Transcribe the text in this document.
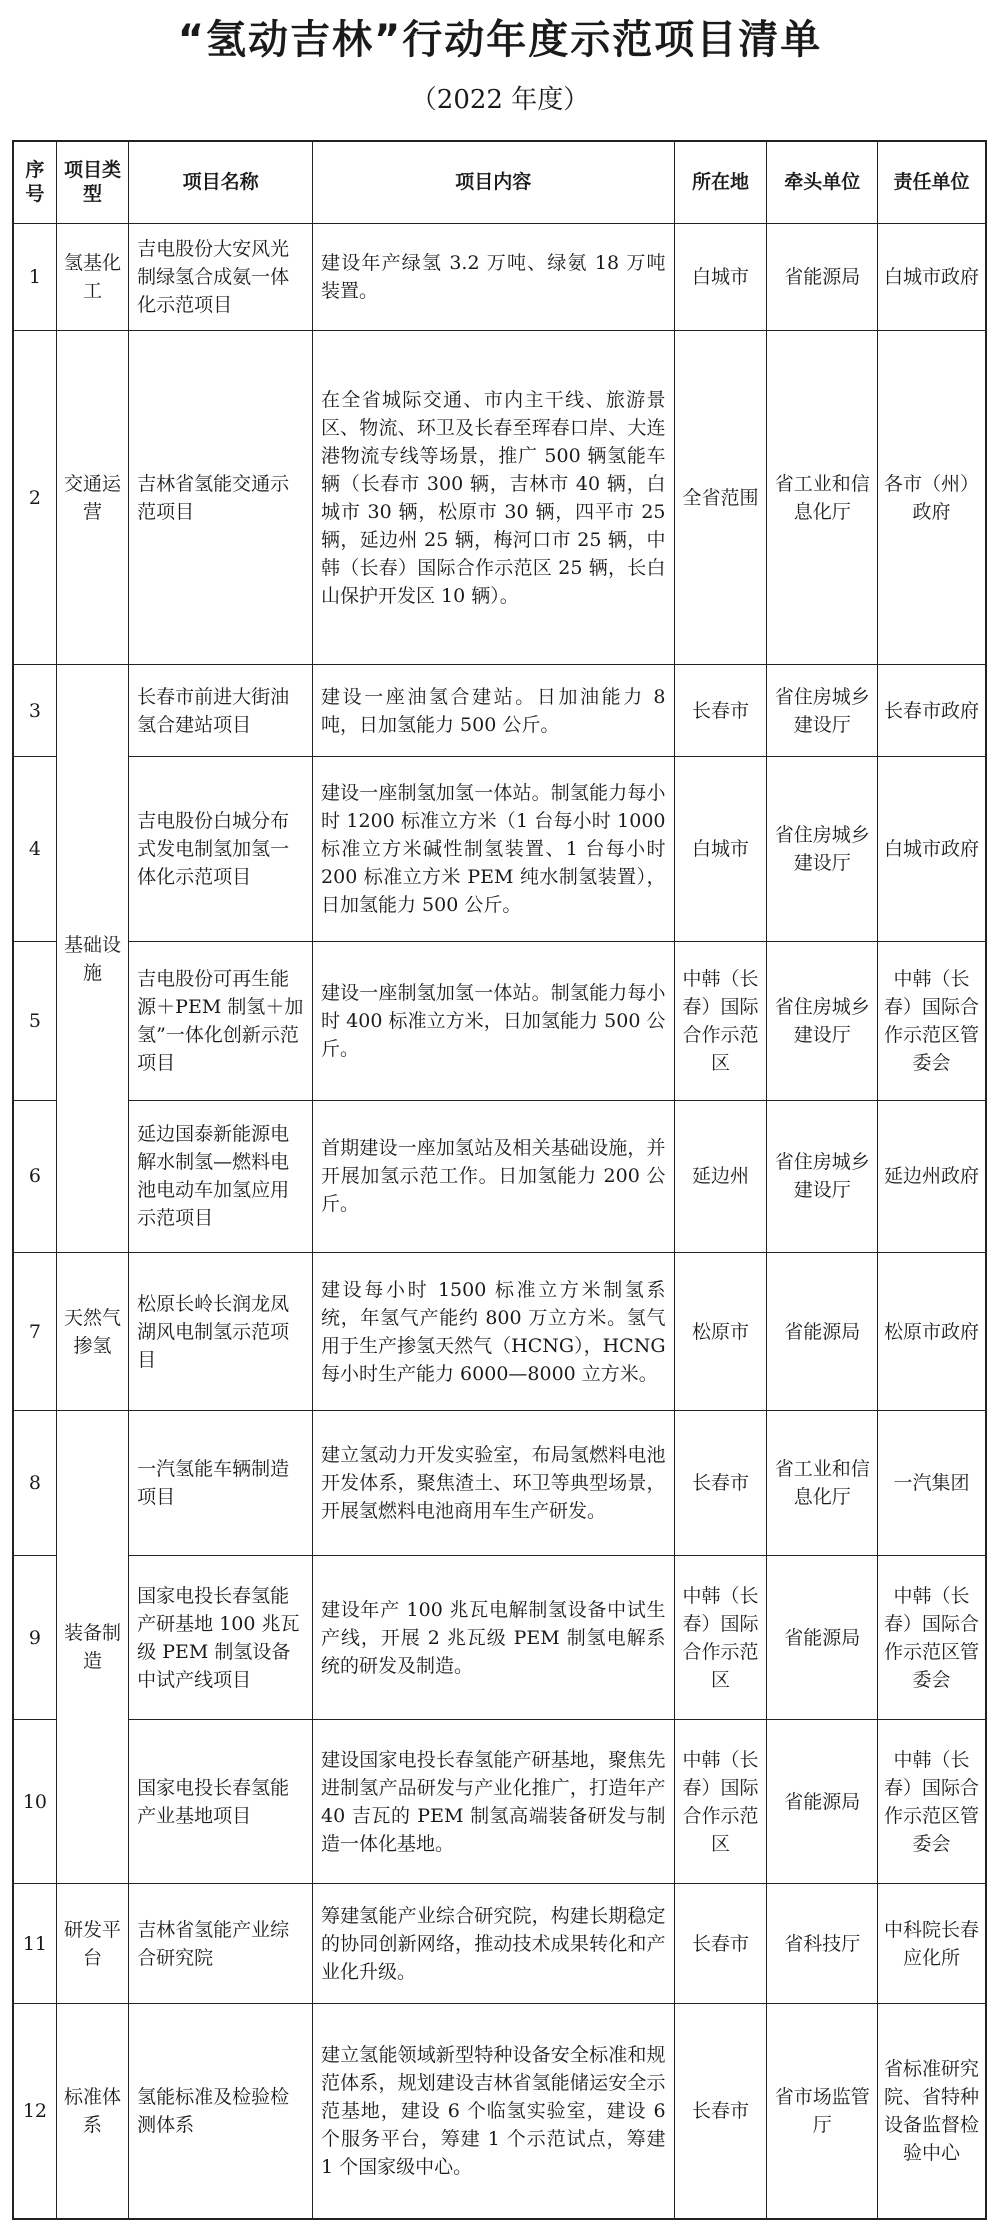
“氢动吉林”行动年度示范项目清单
（2022 年度）
序号	项目类型	项目名称	项目内容	所在地	牵头单位	责任单位
1	氢基化工	吉电股份大安风光制绿氢合成氨一体化示范项目	建设年产绿氢 3.2 万吨、绿氨 18 万吨装置。	白城市	省能源局	白城市政府
2	交通运营	吉林省氢能交通示范项目	在全省城际交通、市内主干线、旅游景区、物流、环卫及长春至珲春口岸、大连港物流专线等场景，推广 500 辆氢能车辆（长春市 300 辆，吉林市 40 辆，白城市 30 辆，松原市 30 辆，四平市 25 辆，延边州 25 辆，梅河口市 25 辆，中韩（长春）国际合作示范区 25 辆，长白山保护开发区 10 辆）。	全省范围	省工业和信息化厅	各市（州）政府
3	基础设施	长春市前进大街油氢合建站项目	建设一座油氢合建站。日加油能力 8 吨，日加氢能力 500 公斤。	长春市	省住房城乡建设厅	长春市政府
4		吉电股份白城分布式发电制氢加氢一体化示范项目	建设一座制氢加氢一体站。制氢能力每小时 1200 标准立方米（1 台每小时 1000 标准立方米碱性制氢装置、1 台每小时 200 标准立方米 PEM 纯水制氢装置），日加氢能力 500 公斤。	白城市	省住房城乡建设厅	白城市政府
5		吉电股份可再生能源＋PEM 制氢＋加氢”一体化创新示范项目	建设一座制氢加氢一体站。制氢能力每小时 400 标准立方米，日加氢能力 500 公斤。	中韩（长春）国际合作示范区	省住房城乡建设厅	中韩（长春）国际合作示范区管委会
6		延边国泰新能源电解水制氢—燃料电池电动车加氢应用示范项目	首期建设一座加氢站及相关基础设施，并开展加氢示范工作。日加氢能力 200 公斤。	延边州	省住房城乡建设厅	延边州政府
7	天然气掺氢	松原长岭长润龙凤湖风电制氢示范项目	建设每小时 1500 标准立方米制氢系统，年氢气产能约 800 万立方米。氢气用于生产掺氢天然气（HCNG），HCNG 每小时生产能力 6000—8000 立方米。	松原市	省能源局	松原市政府
8	装备制造	一汽氢能车辆制造项目	建立氢动力开发实验室，布局氢燃料电池开发体系，聚焦渣土、环卫等典型场景，开展氢燃料电池商用车生产研发。	长春市	省工业和信息化厅	一汽集团
9		国家电投长春氢能产研基地 100 兆瓦级 PEM 制氢设备中试产线项目	建设年产 100 兆瓦电解制氢设备中试生产线，开展 2 兆瓦级 PEM 制氢电解系统的研发及制造。	中韩（长春）国际合作示范区	省能源局	中韩（长春）国际合作示范区管委会
10		国家电投长春氢能产业基地项目	建设国家电投长春氢能产研基地，聚焦先进制氢产品研发与产业化推广，打造年产 40 吉瓦的 PEM 制氢高端装备研发与制造一体化基地。	中韩（长春）国际合作示范区	省能源局	中韩（长春）国际合作示范区管委会
11	研发平台	吉林省氢能产业综合研究院	筹建氢能产业综合研究院，构建长期稳定的协同创新网络，推动技术成果转化和产业化升级。	长春市	省科技厅	中科院长春应化所
12	标准体系	氢能标准及检验检测体系	建立氢能领域新型特种设备安全标准和规范体系，规划建设吉林省氢能储运安全示范基地，建设 6 个临氢实验室，建设 6 个服务平台，筹建 1 个示范试点，筹建 1 个国家级中心。	长春市	省市场监管厅	省标准研究院、省特种设备监督检验中心
